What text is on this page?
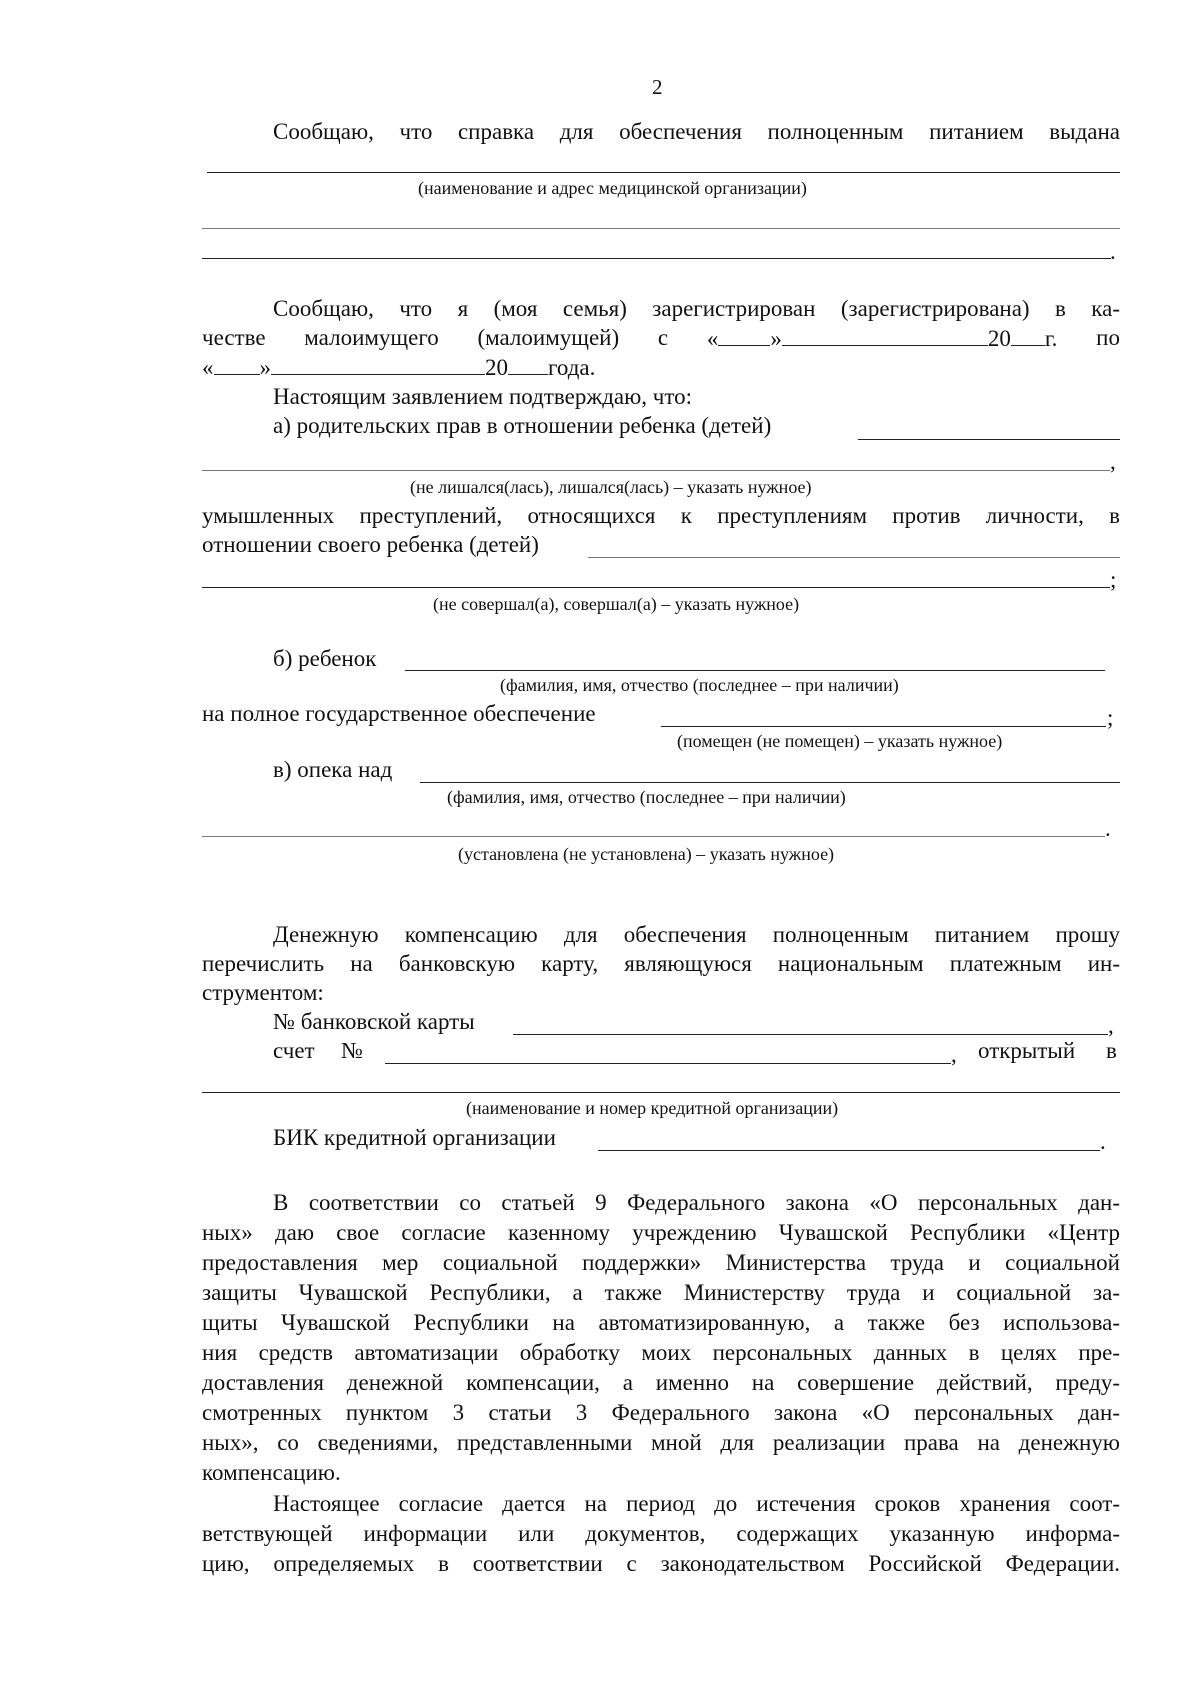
2
Сообщаю, что справка для обеспечения полноценным питанием выдана
(наименование и адрес медицинской организации)
.
Сообщаю, что я (моя семья) зарегистрирован (зарегистрирована) в ка-
честве малоимущего (малоимущей) с « »	20 г. по
« »	20 года.
Настоящим заявлением подтверждаю, что:
а) родительских прав в отношении ребенка (детей)
,
(не лишался(лась), лишался(лась) – указать нужное)
умышленных преступлений, относящихся к преступлениям против личности, в
отношении своего ребенка (детей)
;
(не совершал(а), совершал(а) – указать нужное)
б) ребенок
(фамилия, имя, отчество (последнее – при наличии)
на полное государственное обеспечение	;
(помещен (не помещен) – указать нужное)
в) опека над
(фамилия, имя, отчество (последнее – при наличии)
.
(установлена (не установлена) – указать нужное)
Денежную компенсацию для обеспечения полноценным питанием прошу
перечислить на банковскую карту, являющуюся национальным платежным ин-
струментом:
№ банковской карты	,
счет №	, открытый в
(наименование и номер кредитной организации)
БИК кредитной организации	.
В соответствии со статьей 9 Федерального закона «О персональных дан-
ных» даю свое согласие казенному учреждению Чувашской Республики «Центр
предоставления мер социальной поддержки» Министерства труда и социальной
защиты Чувашской Республики, а также Министерству труда и социальной за-
щиты Чувашской Республики на автоматизированную, а также без использова-
ния средств автоматизации обработку моих персональных данных в целях пре-
доставления денежной компенсации, а именно на совершение действий, преду-
смотренных пунктом 3 статьи 3 Федерального закона «О персональных дан-
ных», со сведениями, представленными мной для реализации права на денежную
компенсацию.
Настоящее согласие дается на период до истечения сроков хранения соот-
ветствующей информации или документов, содержащих указанную информа-
цию, определяемых в соответствии с законодательством Российской Федерации.
